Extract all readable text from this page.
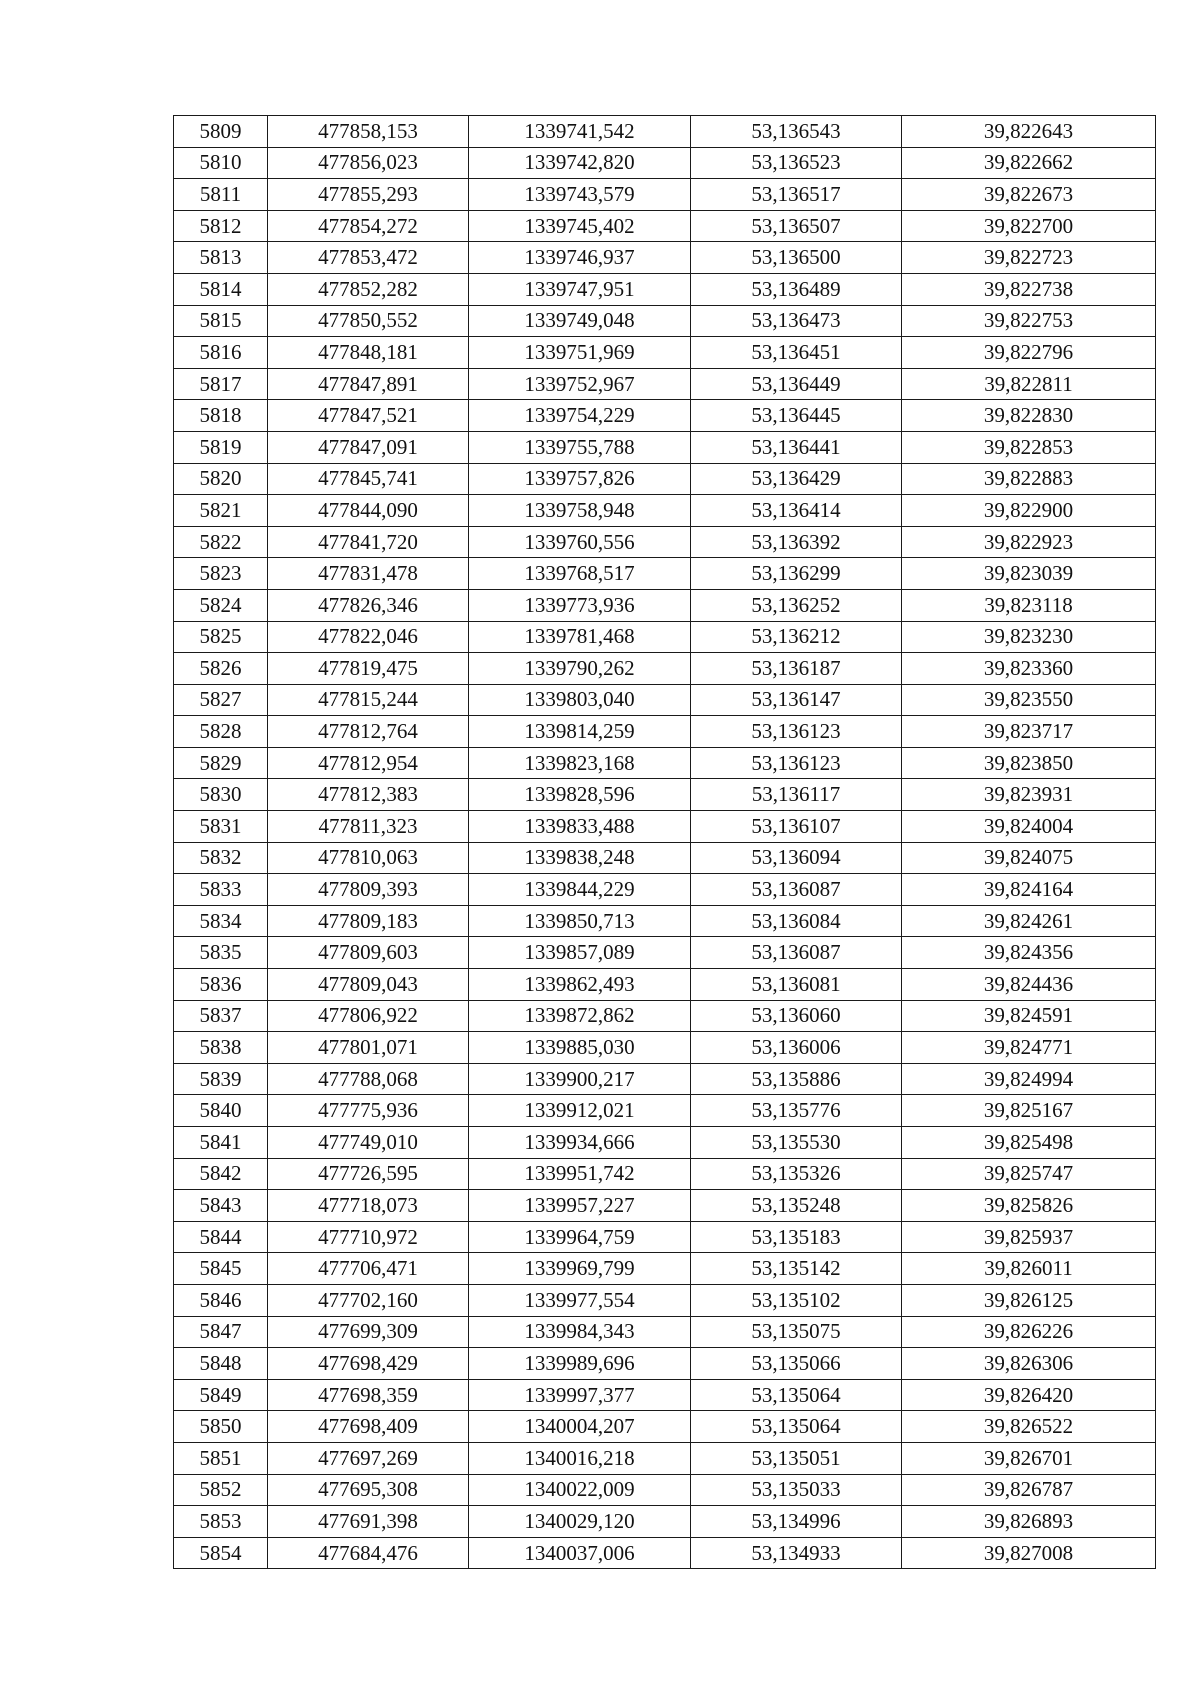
5809	477858,153	1339741,542	53,136543	39,822643
5810	477856,023	1339742,820	53,136523	39,822662
5811	477855,293	1339743,579	53,136517	39,822673
5812	477854,272	1339745,402	53,136507	39,822700
5813	477853,472	1339746,937	53,136500	39,822723
5814	477852,282	1339747,951	53,136489	39,822738
5815	477850,552	1339749,048	53,136473	39,822753
5816	477848,181	1339751,969	53,136451	39,822796
5817	477847,891	1339752,967	53,136449	39,822811
5818	477847,521	1339754,229	53,136445	39,822830
5819	477847,091	1339755,788	53,136441	39,822853
5820	477845,741	1339757,826	53,136429	39,822883
5821	477844,090	1339758,948	53,136414	39,822900
5822	477841,720	1339760,556	53,136392	39,822923
5823	477831,478	1339768,517	53,136299	39,823039
5824	477826,346	1339773,936	53,136252	39,823118
5825	477822,046	1339781,468	53,136212	39,823230
5826	477819,475	1339790,262	53,136187	39,823360
5827	477815,244	1339803,040	53,136147	39,823550
5828	477812,764	1339814,259	53,136123	39,823717
5829	477812,954	1339823,168	53,136123	39,823850
5830	477812,383	1339828,596	53,136117	39,823931
5831	477811,323	1339833,488	53,136107	39,824004
5832	477810,063	1339838,248	53,136094	39,824075
5833	477809,393	1339844,229	53,136087	39,824164
5834	477809,183	1339850,713	53,136084	39,824261
5835	477809,603	1339857,089	53,136087	39,824356
5836	477809,043	1339862,493	53,136081	39,824436
5837	477806,922	1339872,862	53,136060	39,824591
5838	477801,071	1339885,030	53,136006	39,824771
5839	477788,068	1339900,217	53,135886	39,824994
5840	477775,936	1339912,021	53,135776	39,825167
5841	477749,010	1339934,666	53,135530	39,825498
5842	477726,595	1339951,742	53,135326	39,825747
5843	477718,073	1339957,227	53,135248	39,825826
5844	477710,972	1339964,759	53,135183	39,825937
5845	477706,471	1339969,799	53,135142	39,826011
5846	477702,160	1339977,554	53,135102	39,826125
5847	477699,309	1339984,343	53,135075	39,826226
5848	477698,429	1339989,696	53,135066	39,826306
5849	477698,359	1339997,377	53,135064	39,826420
5850	477698,409	1340004,207	53,135064	39,826522
5851	477697,269	1340016,218	53,135051	39,826701
5852	477695,308	1340022,009	53,135033	39,826787
5853	477691,398	1340029,120	53,134996	39,826893
5854	477684,476	1340037,006	53,134933	39,827008
